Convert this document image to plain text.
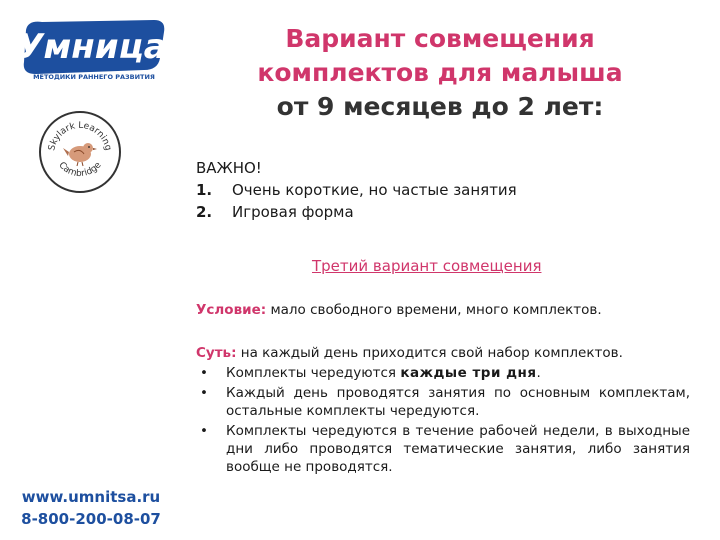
Умница
МЕТОДИКИ РАННЕГО РАЗВИТИЯ
Skylark Learning
Cambridge
Вариант совмещения
комплектов для малыша
от 9 месяцев до 2 лет:
ВАЖНО!
1. Очень короткие, но частые занятия
2. Игровая форма
Третий вариант совмещения
Условие: мало свободного времени, много комплектов.
Суть: на каждый день приходится свой набор комплектов.
• Комплекты чередуются каждые три дня.
• Каждый день проводятся занятия по основным комплектам, остальные комплекты чередуются.
• Комплекты чередуются в течение рабочей недели, в выходные дни либо проводятся тематические занятия, либо занятия вообще не проводятся.
www.umnitsa.ru
8-800-200-08-07
